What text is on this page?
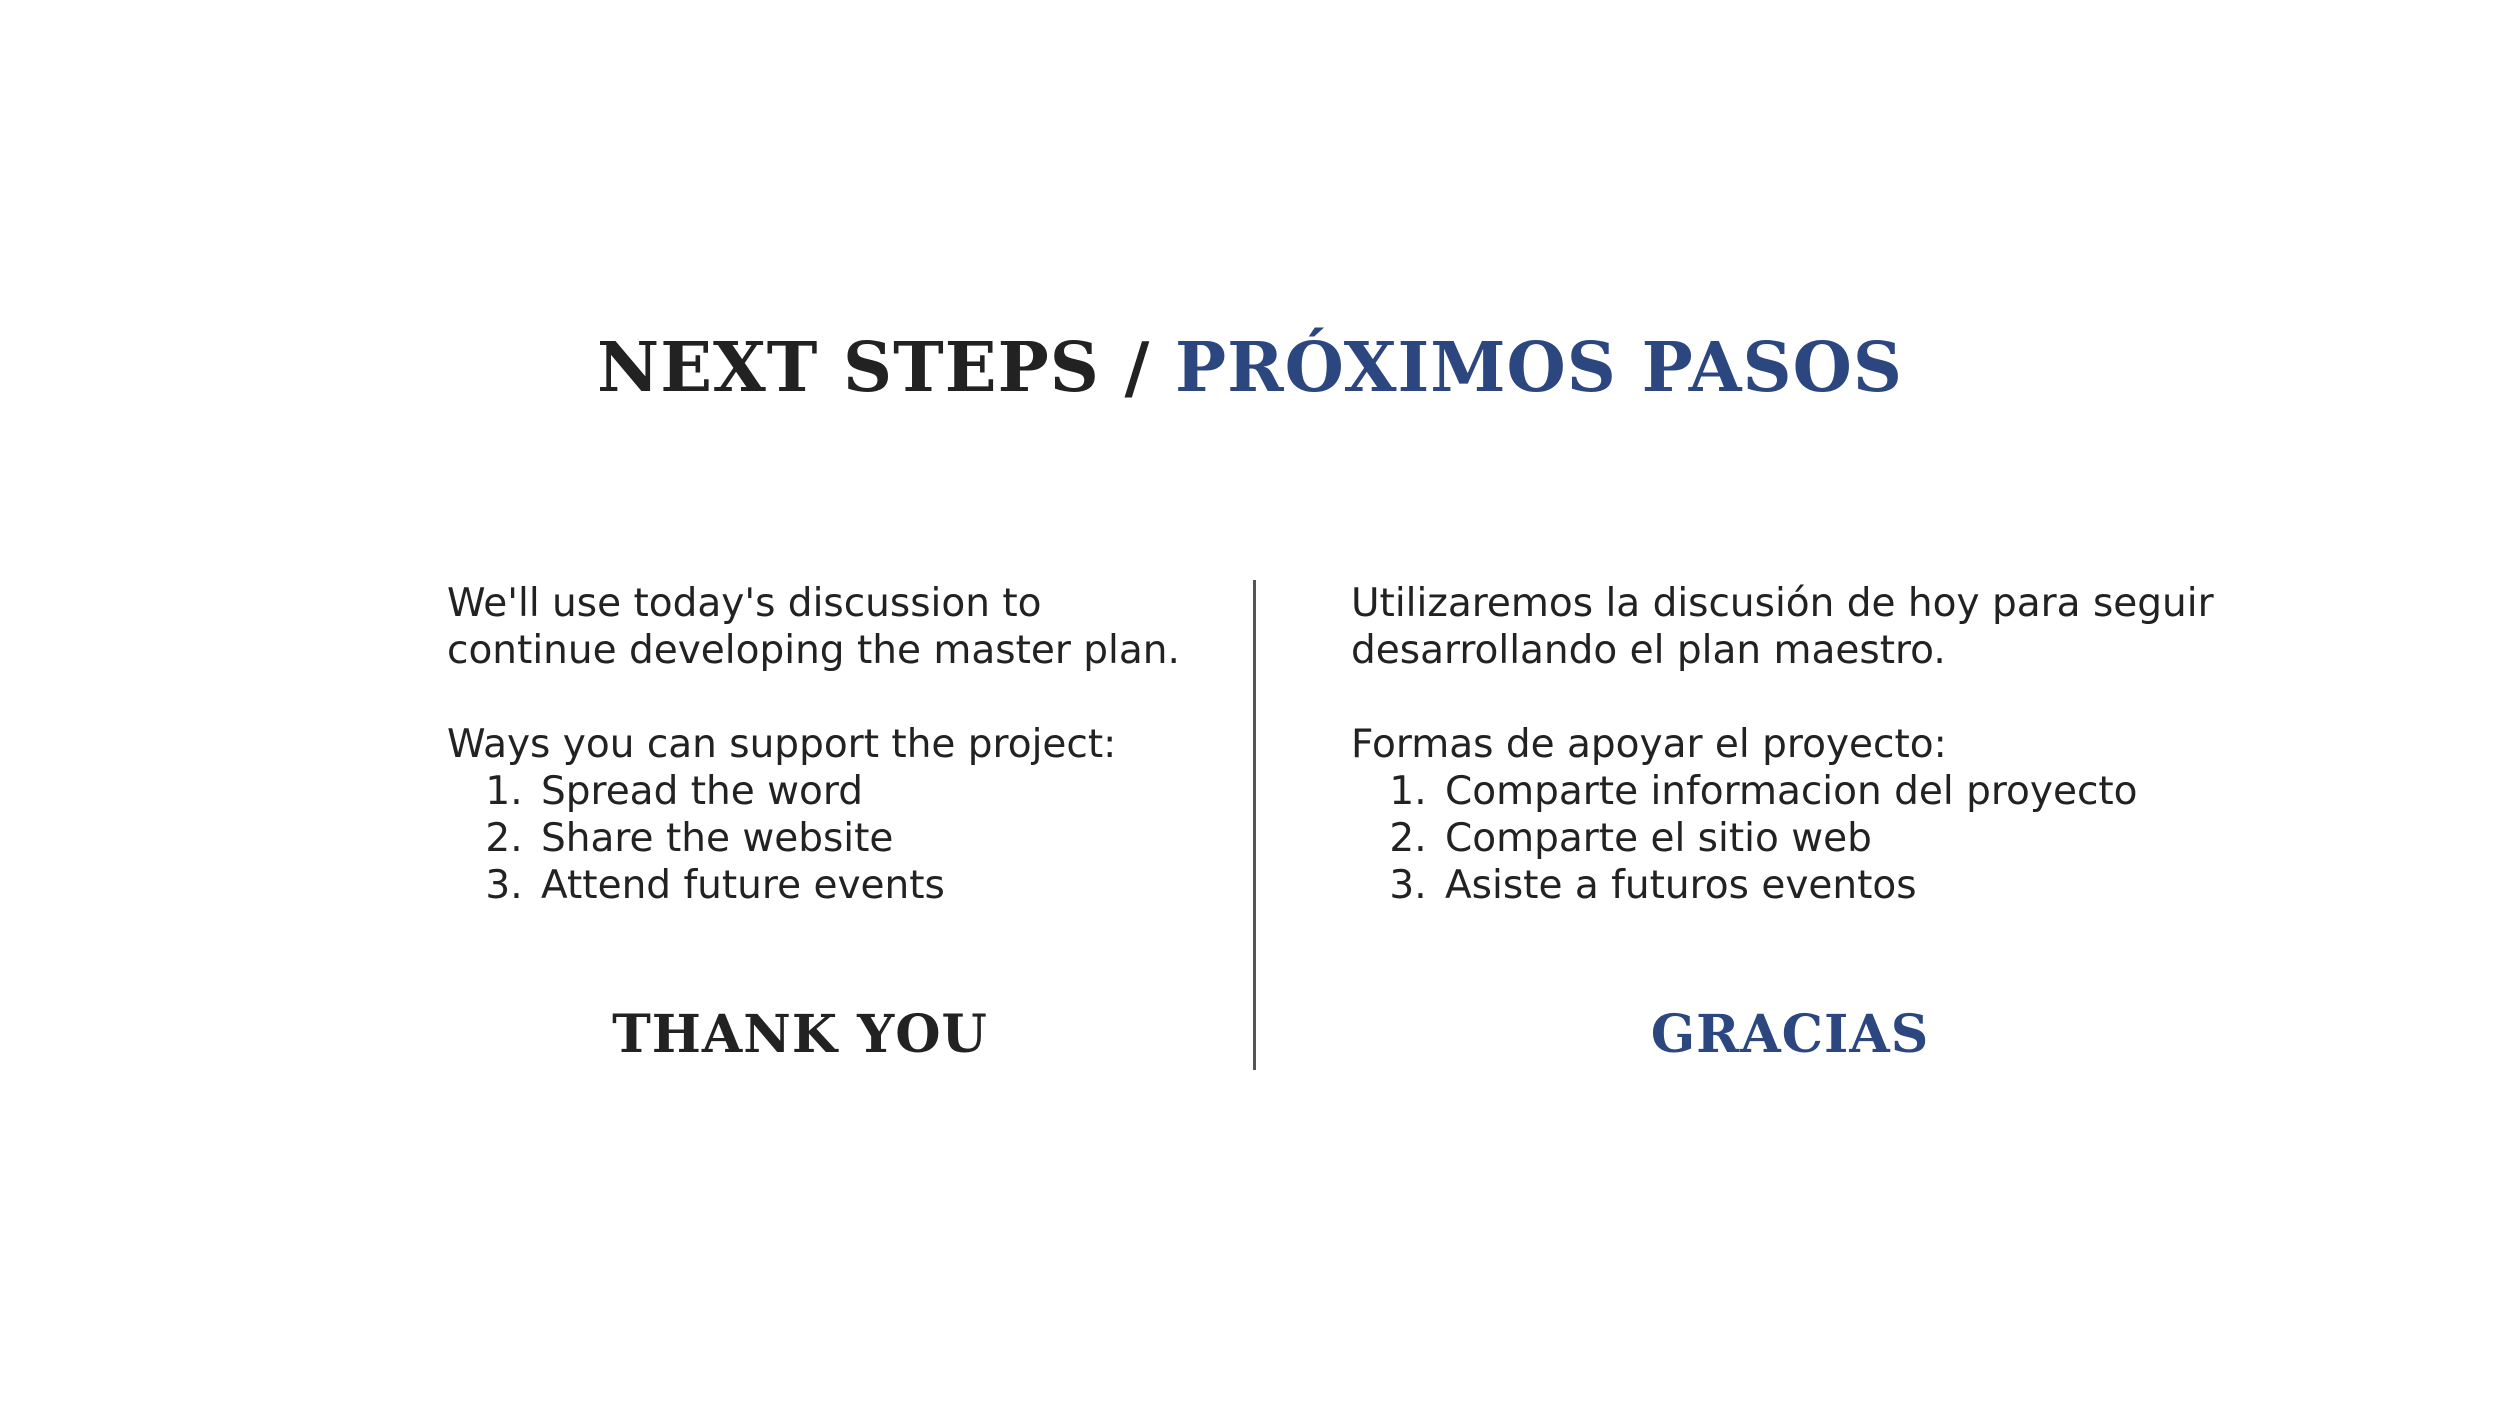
NEXT STEPS / PRÓXIMOS PASOS

We'll use today's discussion to

continue developing the master plan.

Ways you can support the project:

1. Spread the word
2. Share the website
3. Attend future events

Utilizaremos la discusión de hoy para seguir

desarrollando el plan maestro.

Formas de apoyar el proyecto:

1. Comparte informacion del proyecto
2. Comparte el sitio web
3. Asiste a futuros eventos
THANK YOU	GRACIAS
